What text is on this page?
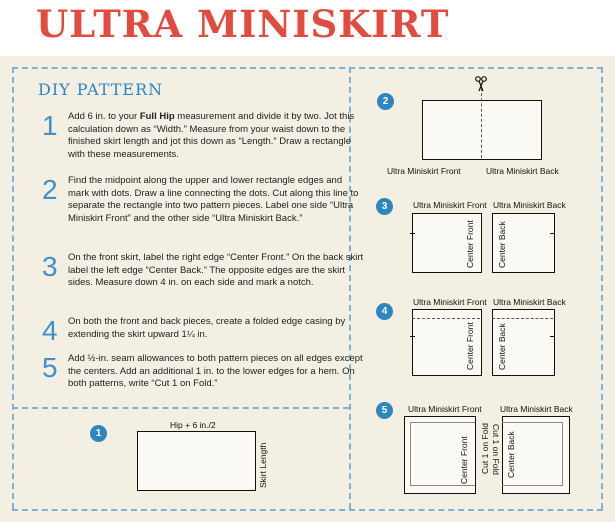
ULTRA MINISKIRT
DIY PATTERN
1 Add 6 in. to your Full Hip measurement and divide it by two. Jot this calculation down as “Width.” Measure from your waist down to the finished skirt length and jot this down as “Length.” Draw a rectangle with these measurements.
2 Find the midpoint along the upper and lower rectangle edges and mark with dots. Draw a line connecting the dots. Cut along this line to separate the rectangle into two pattern pieces. Label one side “Ultra Miniskirt Front” and the other side “Ultra Miniskirt Back.”
3 On the front skirt, label the right edge “Center Front.” On the back skirt label the left edge “Center Back.” The opposite edges are the skirt sides. Measure down 4 in. on each side and mark a notch.
4 On both the front and back pieces, create a folded edge casing by extending the skirt upward 1¼ in.
5 Add ½-in. seam allowances to both pattern pieces on all edges except the centers. Add an additional 1 in. to the lower edges for a hem. On both patterns, write “Cut 1 on Fold.”
1
Hip + 6 in./2
Skirt Length
2
Ultra Miniskirt Front	Ultra Miniskirt Back
3	Ultra Miniskirt Front Ultra Miniskirt Back
Center Front	Center Back
4
Ultra Miniskirt Front Ultra Miniskirt Back
Center Front	Center Back
5	Ultra Miniskirt Front Ultra Miniskirt Back
Center Front Cut 1 on Fold Cut 1 on Fold Center Back
